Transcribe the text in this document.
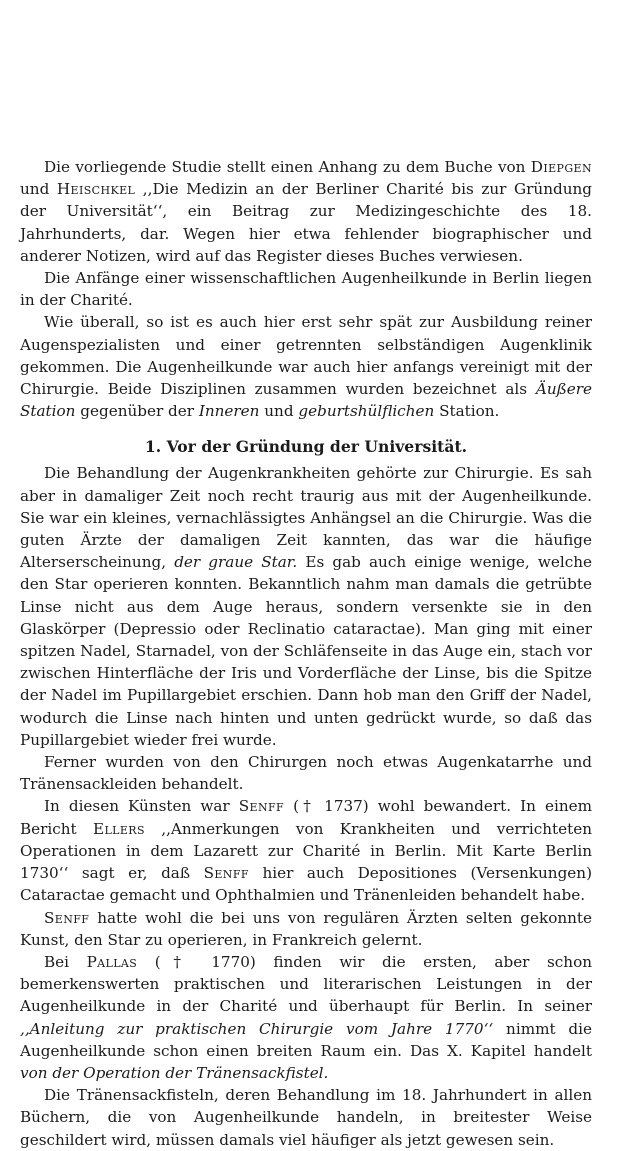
Die vorliegende Studie stellt einen Anhang zu dem Buche von Diepgen und Heischkel ,,Die Medizin an der Berliner Charité bis zur Gründung der Universität‘‘, ein Beitrag zur Medizingeschichte des 18. Jahrhunderts, dar. Wegen hier etwa fehlender biographischer und anderer Notizen, wird auf das Register dieses Buches verwiesen.

Die Anfänge einer wissenschaftlichen Augenheilkunde in Berlin liegen in der Charité.

Wie überall, so ist es auch hier erst sehr spät zur Ausbildung reiner Augenspezialisten und einer getrennten selbständigen Augenklinik gekommen. Die Augenheilkunde war auch hier anfangs vereinigt mit der Chirurgie. Beide Disziplinen zusammen wurden bezeichnet als Äußere Station gegenüber der Inneren und geburtshülflichen Station.

1. Vor der Gründung der Universität.

Die Behandlung der Augenkrankheiten gehörte zur Chirurgie. Es sah aber in damaliger Zeit noch recht traurig aus mit der Augenheilkunde. Sie war ein kleines, vernachlässigtes Anhängsel an die Chirurgie. Was die guten Ärzte der damaligen Zeit kannten, das war die häufige Alterserscheinung, der graue Star. Es gab auch einige wenige, welche den Star operieren konnten. Bekanntlich nahm man damals die getrübte Linse nicht aus dem Auge heraus, sondern versenkte sie in den Glaskörper (Depressio oder Reclinatio cataractae). Man ging mit einer spitzen Nadel, Starnadel, von der Schläfenseite in das Auge ein, stach vor zwischen Hinterfläche der Iris und Vorderfläche der Linse, bis die Spitze der Nadel im Pupillargebiet erschien. Dann hob man den Griff der Nadel, wodurch die Linse nach hinten und unten gedrückt wurde, so daß das Pupillargebiet wieder frei wurde.

Ferner wurden von den Chirurgen noch etwas Augenkatarrhe und Tränensackleiden behandelt.

In diesen Künsten war Senff († 1737) wohl bewandert. In einem Bericht Ellers ,,Anmerkungen von Krankheiten und verrichteten Operationen in dem Lazarett zur Charité in Berlin. Mit Karte Berlin 1730‘‘ sagt er, daß Senff hier auch Depositiones (Versenkungen) Cataractae gemacht und Ophthalmien und Tränenleiden behandelt habe.

Senff hatte wohl die bei uns von regulären Ärzten selten gekonnte Kunst, den Star zu operieren, in Frankreich gelernt.

Bei Pallas († 1770) finden wir die ersten, aber schon bemerkenswerten praktischen und literarischen Leistungen in der Augenheilkunde in der Charité und überhaupt für Berlin. In seiner ,,Anleitung zur praktischen Chirurgie vom Jahre 1770‘‘ nimmt die Augenheilkunde schon einen breiten Raum ein. Das X. Kapitel handelt von der Operation der Tränensackfistel.

Die Tränensackfisteln, deren Behandlung im 18. Jahrhundert in allen Büchern, die von Augenheilkunde handeln, in breitester Weise geschildert wird, müssen damals viel häufiger als jetzt gewesen sein.
